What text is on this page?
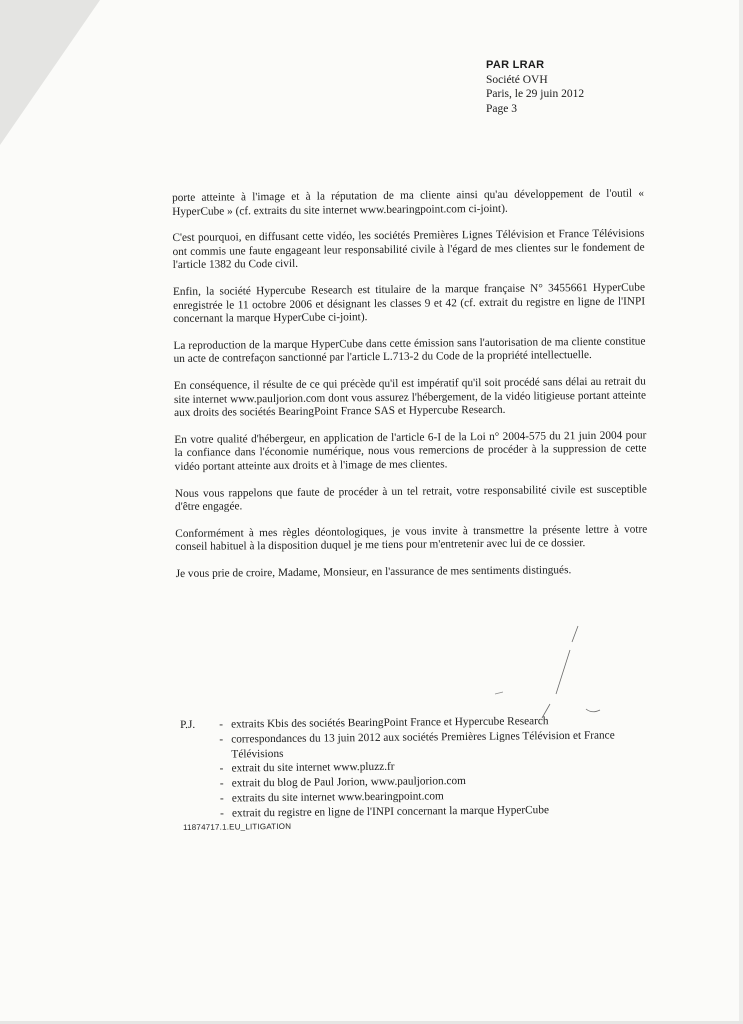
PAR LRAR
Société OVH
Paris, le 29 juin 2012
Page 3

porte atteinte à l'image et à la réputation de ma cliente ainsi qu'au développement de l'outil « HyperCube » (cf. extraits du site internet www.bearingpoint.com ci-joint).

C'est pourquoi, en diffusant cette vidéo, les sociétés Premières Lignes Télévision et France Télévisions ont commis une faute engageant leur responsabilité civile à l'égard de mes clientes sur le fondement de l'article 1382 du Code civil.

Enfin, la société Hypercube Research est titulaire de la marque française N° 3455661 HyperCube enregistrée le 11 octobre 2006 et désignant les classes 9 et 42 (cf. extrait du registre en ligne de l'INPI concernant la marque HyperCube ci-joint).

La reproduction de la marque HyperCube dans cette émission sans l'autorisation de ma cliente constitue un acte de contrefaçon sanctionné par l'article L.713-2 du Code de la propriété intellectuelle.

En conséquence, il résulte de ce qui précède qu'il est impératif qu'il soit procédé sans délai au retrait du site internet www.pauljorion.com dont vous assurez l'hébergement, de la vidéo litigieuse portant atteinte aux droits des sociétés BearingPoint France SAS et Hypercube Research.

En votre qualité d'hébergeur, en application de l'article 6-I de la Loi n° 2004-575 du 21 juin 2004 pour la confiance dans l'économie numérique, nous vous remercions de procéder à la suppression de cette vidéo portant atteinte aux droits et à l'image de mes clientes.

Nous vous rappelons que faute de procéder à un tel retrait, votre responsabilité civile est susceptible d'être engagée.

Conformément à mes règles déontologiques, je vous invite à transmettre la présente lettre à votre conseil habituel à la disposition duquel je me tiens pour m'entretenir avec lui de ce dossier.

Je vous prie de croire, Madame, Monsieur, en l'assurance de mes sentiments distingués.

P.J.	- extraits Kbis des sociétés BearingPoint France et Hypercube Research
- correspondances du 13 juin 2012 aux sociétés Premières Lignes Télévision et France
Télévisions
- extrait du site internet www.pluzz.fr
- extrait du blog de Paul Jorion, www.pauljorion.com
- extraits du site internet www.bearingpoint.com
- extrait du registre en ligne de l'INPI concernant la marque HyperCube
11874717.1.EU_LITIGATION
